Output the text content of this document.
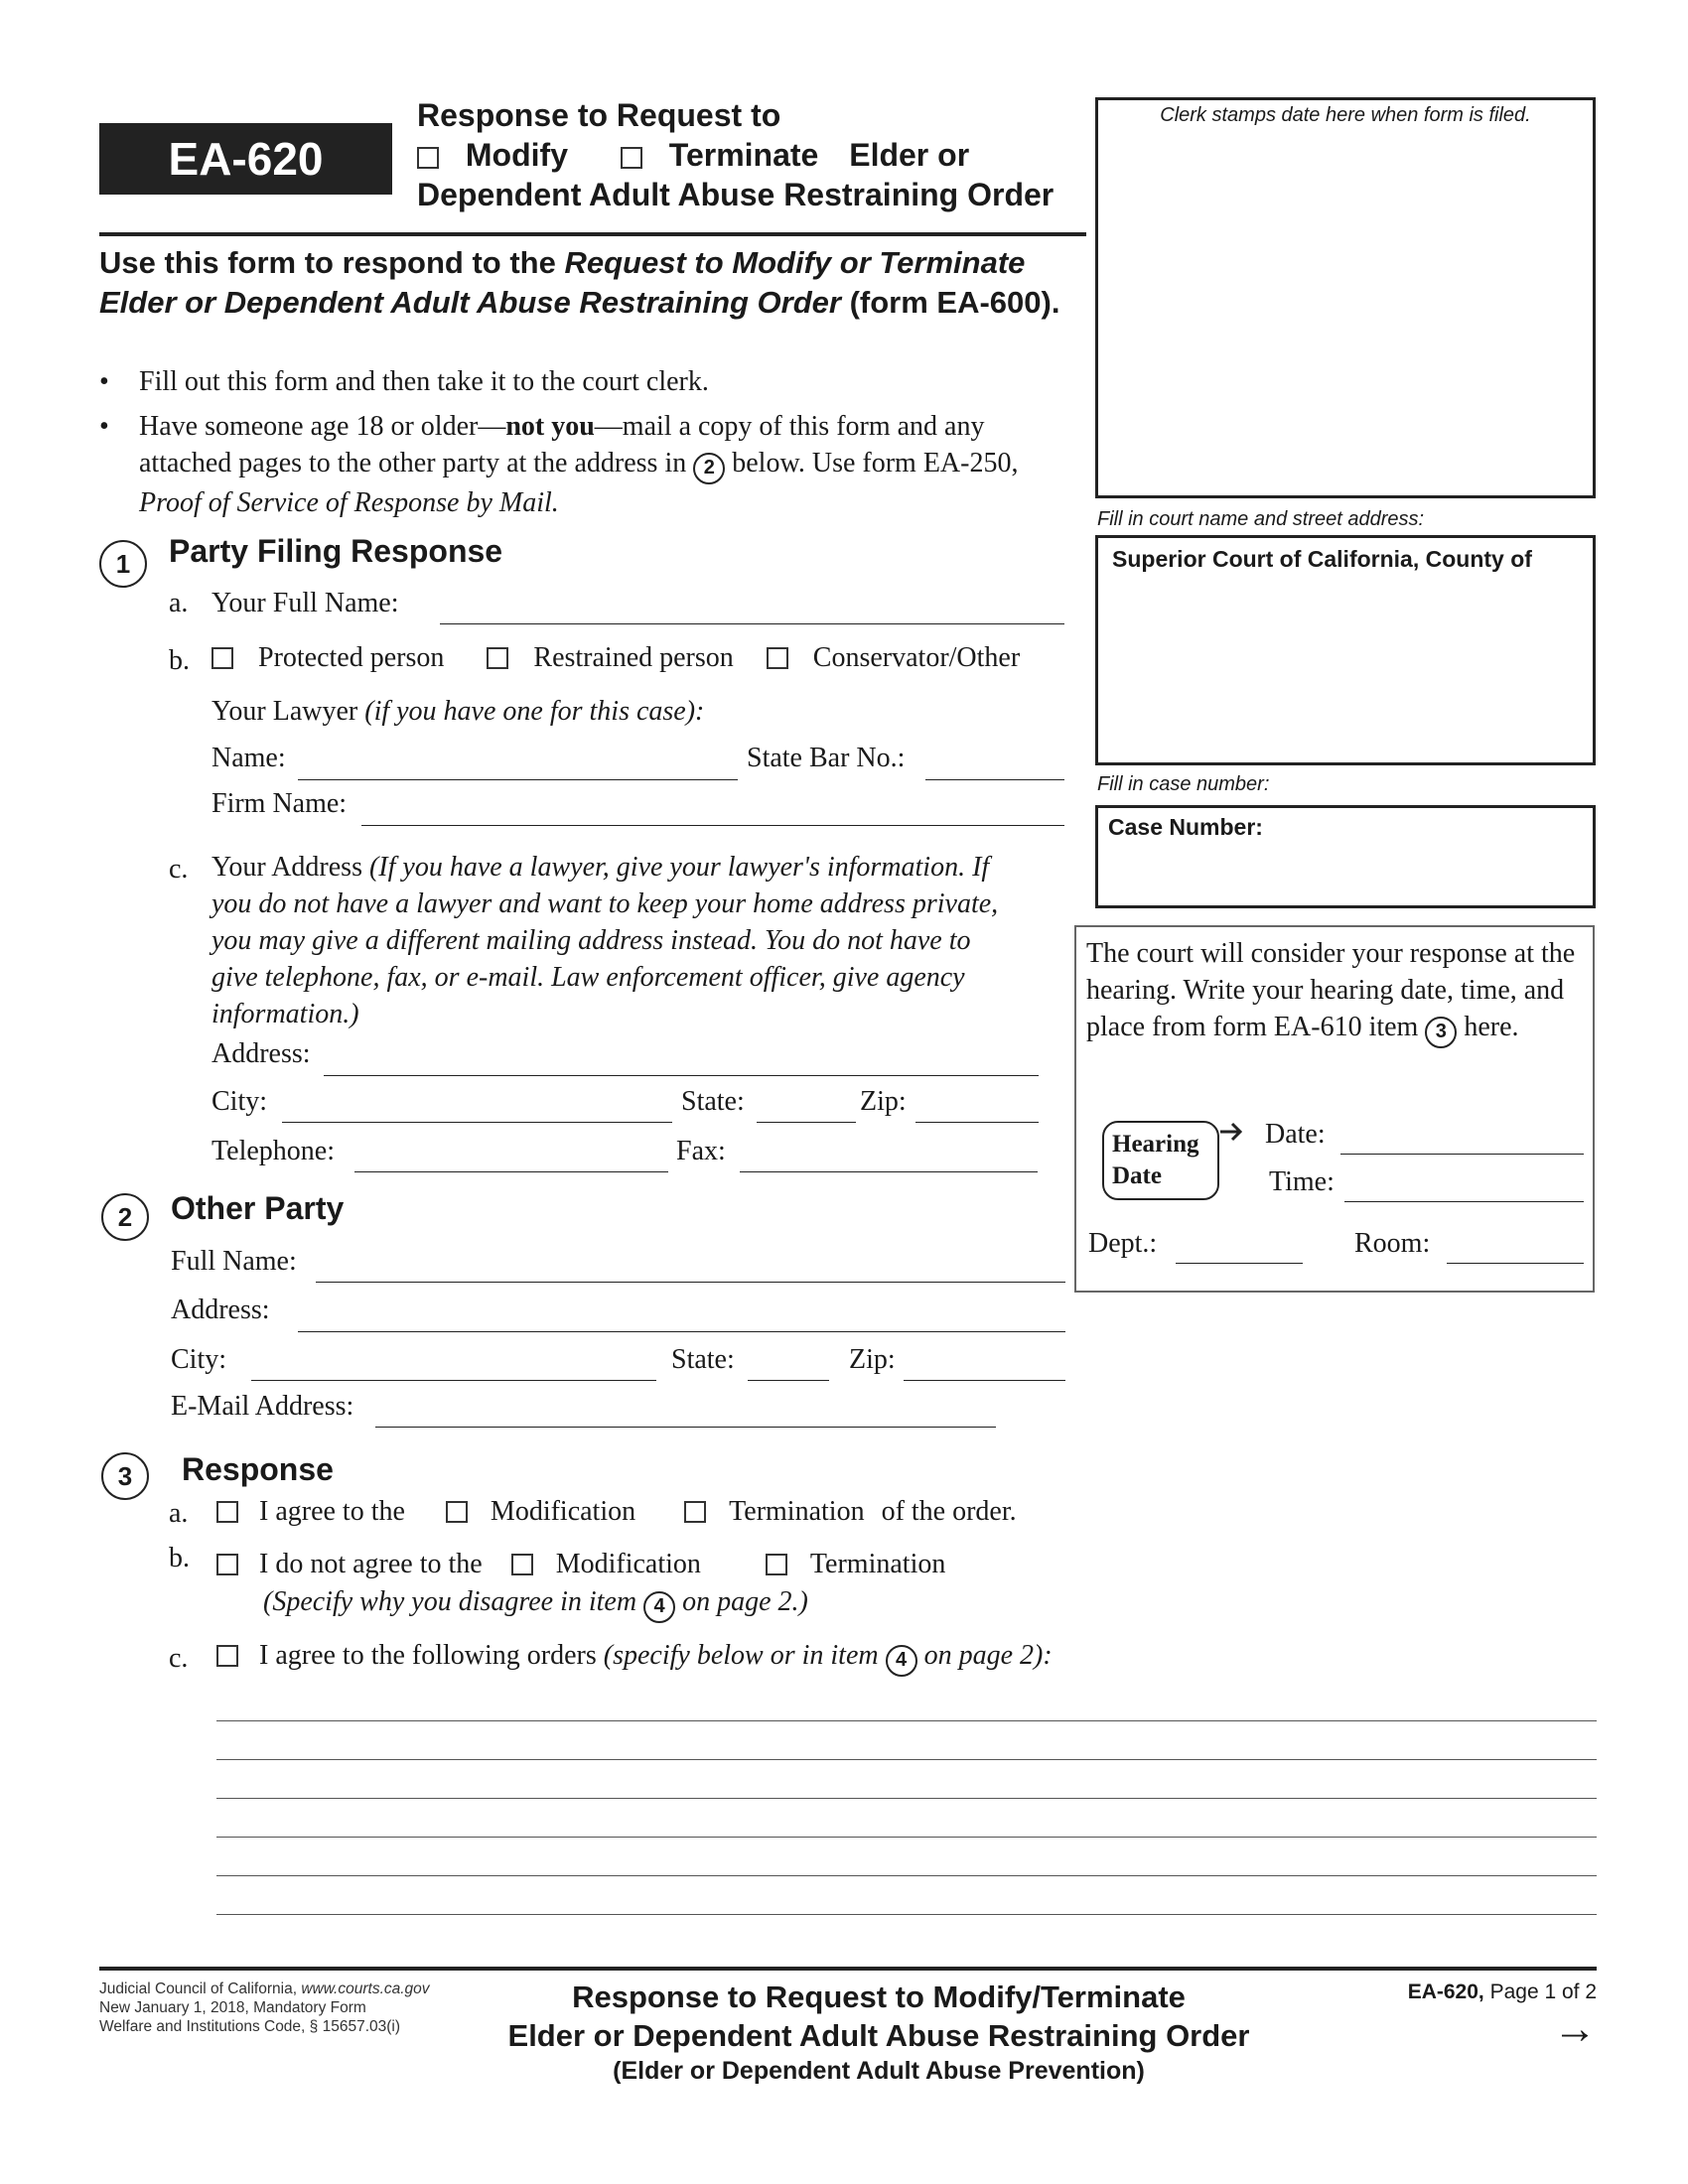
EA-620
Response to Request to
Modify	Terminate Elder or
Dependent Adult Abuse Restraining Order
Clerk stamps date here when form is filed.
Fill in court name and street address:
Superior Court of California, County of
Fill in case number:
Case Number:
The court will consider your response at the hearing. Write your hearing date, time, and place from form EA-610 item 3 here.
Hearing
Date
Date:
Time:
Dept.:	Room:
Use this form to respond to the Request to Modify or Terminate Elder or Dependent Adult Abuse Restraining Order (form EA-600).
• Fill out this form and then take it to the court clerk.
• Have someone age 18 or older—not you—mail a copy of this form and any attached pages to the other party at the address in 2 below. Use form EA-250, Proof of Service of Response by Mail.
1	Party Filing Response
a. Your Full Name:
b.	Protected person	Restrained person	Conservator/Other
Your Lawyer (if you have one for this case):
Name:	State Bar No.:
Firm Name:
c. Your Address (If you have a lawyer, give your lawyer's information. If you do not have a lawyer and want to keep your home address private, you may give a different mailing address instead. You do not have to give telephone, fax, or e-mail. Law enforcement officer, give agency information.)
Address:
City:	State:	Zip:
Telephone:	Fax:
2	Other Party
Full Name:
Address:
City:	State:	Zip:
E-Mail Address:
3	Response
a.	I agree to the	Modification	Termination of the order.
b.	I do not agree to the	Modification	Termination
(Specify why you disagree in item 4 on page 2.)
c.	I agree to the following orders (specify below or in item 4 on page 2):
Judicial Council of California, www.courts.ca.gov
New January 1, 2018, Mandatory Form
Welfare and Institutions Code, § 15657.03(i)
Response to Request to Modify/Terminate
Elder or Dependent Adult Abuse Restraining Order
(Elder or Dependent Adult Abuse Prevention)
EA-620, Page 1 of 2
→
